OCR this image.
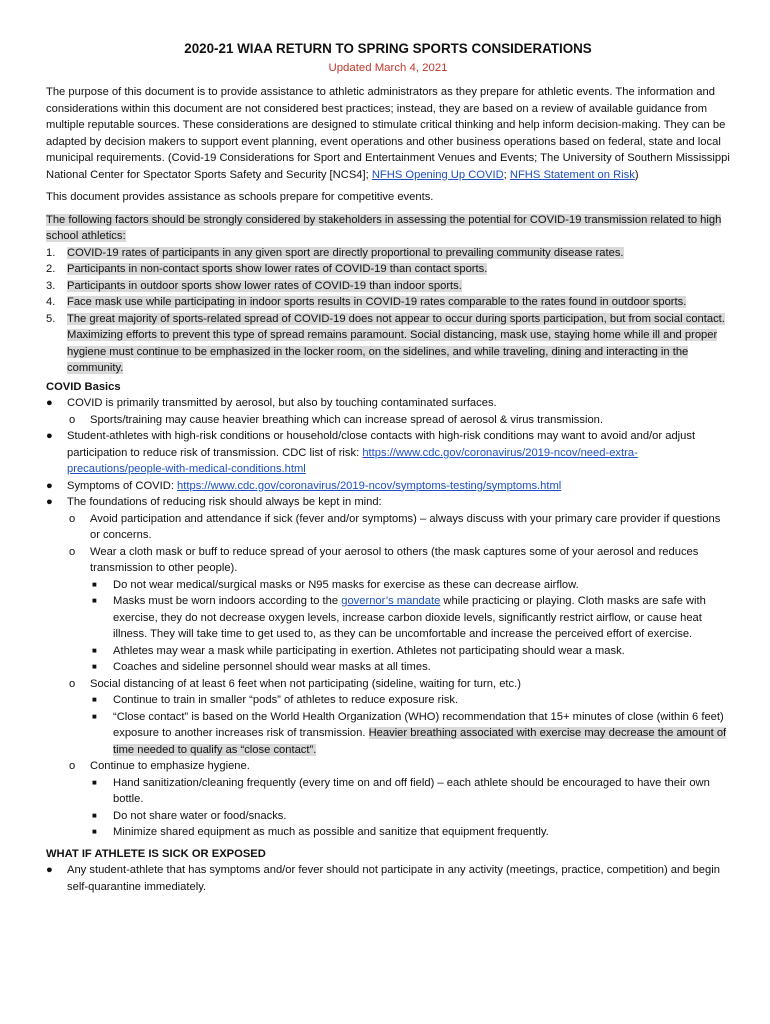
2020-21 WIAA RETURN TO SPRING SPORTS CONSIDERATIONS

Updated March 4, 2021

The purpose of this document is to provide assistance to athletic administrators as they prepare for athletic events. The information and considerations within this document are not considered best practices; instead, they are based on a review of available guidance from multiple reputable sources. These considerations are designed to stimulate critical thinking and help inform decision-making. They can be adapted by decision makers to support event planning, event operations and other business operations based on federal, state and local municipal requirements. (Covid-19 Considerations for Sport and Entertainment Venues and Events; The University of Southern Mississippi National Center for Spectator Sports Safety and Security [NCS4]; NFHS Opening Up COVID; NFHS Statement on Risk)

This document provides assistance as schools prepare for competitive events.

The following factors should be strongly considered by stakeholders in assessing the potential for COVID-19 transmission related to high school athletics:

1. COVID-19 rates of participants in any given sport are directly proportional to prevailing community disease rates.
2. Participants in non-contact sports show lower rates of COVID-19 than contact sports.
3. Participants in outdoor sports show lower rates of COVID-19 than indoor sports.
4. Face mask use while participating in indoor sports results in COVID-19 rates comparable to the rates found in outdoor sports.
5. The great majority of sports-related spread of COVID-19 does not appear to occur during sports participation, but from social contact. Maximizing efforts to prevent this type of spread remains paramount. Social distancing, mask use, staying home while ill and proper hygiene must continue to be emphasized in the locker room, on the sidelines, and while traveling, dining and interacting in the community.

COVID Basics

● COVID is primarily transmitted by aerosol, but also by touching contaminated surfaces.
o Sports/training may cause heavier breathing which can increase spread of aerosol & virus transmission.
● Student-athletes with high-risk conditions or household/close contacts with high-risk conditions may want to avoid and/or adjust participation to reduce risk of transmission. CDC list of risk: https://www.cdc.gov/coronavirus/2019-ncov/need-extra-precautions/people-with-medical-conditions.html
● Symptoms of COVID: https://www.cdc.gov/coronavirus/2019-ncov/symptoms-testing/symptoms.html
● The foundations of reducing risk should always be kept in mind:
o Avoid participation and attendance if sick (fever and/or symptoms) – always discuss with your primary care provider if questions or concerns.
o Wear a cloth mask or buff to reduce spread of your aerosol to others (the mask captures some of your aerosol and reduces transmission to other people).
■ Do not wear medical/surgical masks or N95 masks for exercise as these can decrease airflow.
■ Masks must be worn indoors according to the governor’s mandate while practicing or playing. Cloth masks are safe with exercise, they do not decrease oxygen levels, increase carbon dioxide levels, significantly restrict airflow, or cause heat illness. They will take time to get used to, as they can be uncomfortable and increase the perceived effort of exercise.
■ Athletes may wear a mask while participating in exertion. Athletes not participating should wear a mask.
■ Coaches and sideline personnel should wear masks at all times.
o Social distancing of at least 6 feet when not participating (sideline, waiting for turn, etc.)
■ Continue to train in smaller “pods” of athletes to reduce exposure risk.
■ “Close contact” is based on the World Health Organization (WHO) recommendation that 15+ minutes of close (within 6 feet) exposure to another increases risk of transmission. Heavier breathing associated with exercise may decrease the amount of time needed to qualify as “close contact”.
o Continue to emphasize hygiene.
■ Hand sanitization/cleaning frequently (every time on and off field) – each athlete should be encouraged to have their own bottle.
■ Do not share water or food/snacks.
■ Minimize shared equipment as much as possible and sanitize that equipment frequently.

WHAT IF ATHLETE IS SICK OR EXPOSED

● Any student-athlete that has symptoms and/or fever should not participate in any activity (meetings, practice, competition) and begin self-quarantine immediately.
